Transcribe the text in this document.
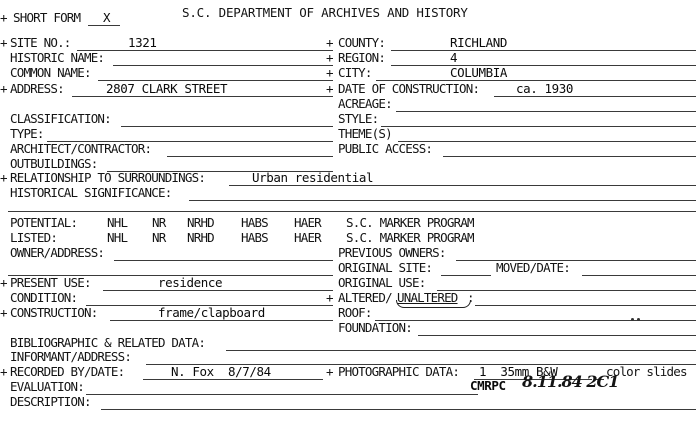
+ SHORT FORM X	S.C. DEPARTMENT OF ARCHIVES AND HISTORY
+ SITE NO.:	1321	+ COUNTY:	RICHLAND
HISTORIC NAME:	+ REGION:	4
COMMON NAME:	+ CITY:	COLUMBIA
+ ADDRESS:	2807 CLARK STREET	+ DATE OF CONSTRUCTION:	ca. 1930
ACREAGE:
CLASSIFICATION:	STYLE:
TYPE:	THEME(S)
ARCHITECT/CONTRACTOR:	PUBLIC ACCESS:
OUTBUILDINGS:
+ RELATIONSHIP TO SURROUNDINGS:	Urban residential
HISTORICAL SIGNIFICANCE:
POTENTIAL: NHL NR NRHD HABS HAER S.C. MARKER PROGRAM
LISTED:	NHL NR NRHD HABS HAER S.C. MARKER PROGRAM
OWNER/ADDRESS:	PREVIOUS OWNERS:
ORIGINAL SITE:	MOVED/DATE:
+ PRESENT USE:	residence	ORIGINAL USE:
CONDITION:	+ ALTERED/ UNALTERED :
+ CONSTRUCTION:	frame/clapboard	ROOF:
FOUNDATION:
BIBLIOGRAPHIC & RELATED DATA:
INFORMANT/ADDRESS:
+ RECORDED BY/DATE:	N. Fox  8/7/84	+ PHOTOGRAPHIC DATA: 1  35mm B&W	color slides
EVALUATION:	CMRPC 8.11.84 2C1
DESCRIPTION:
